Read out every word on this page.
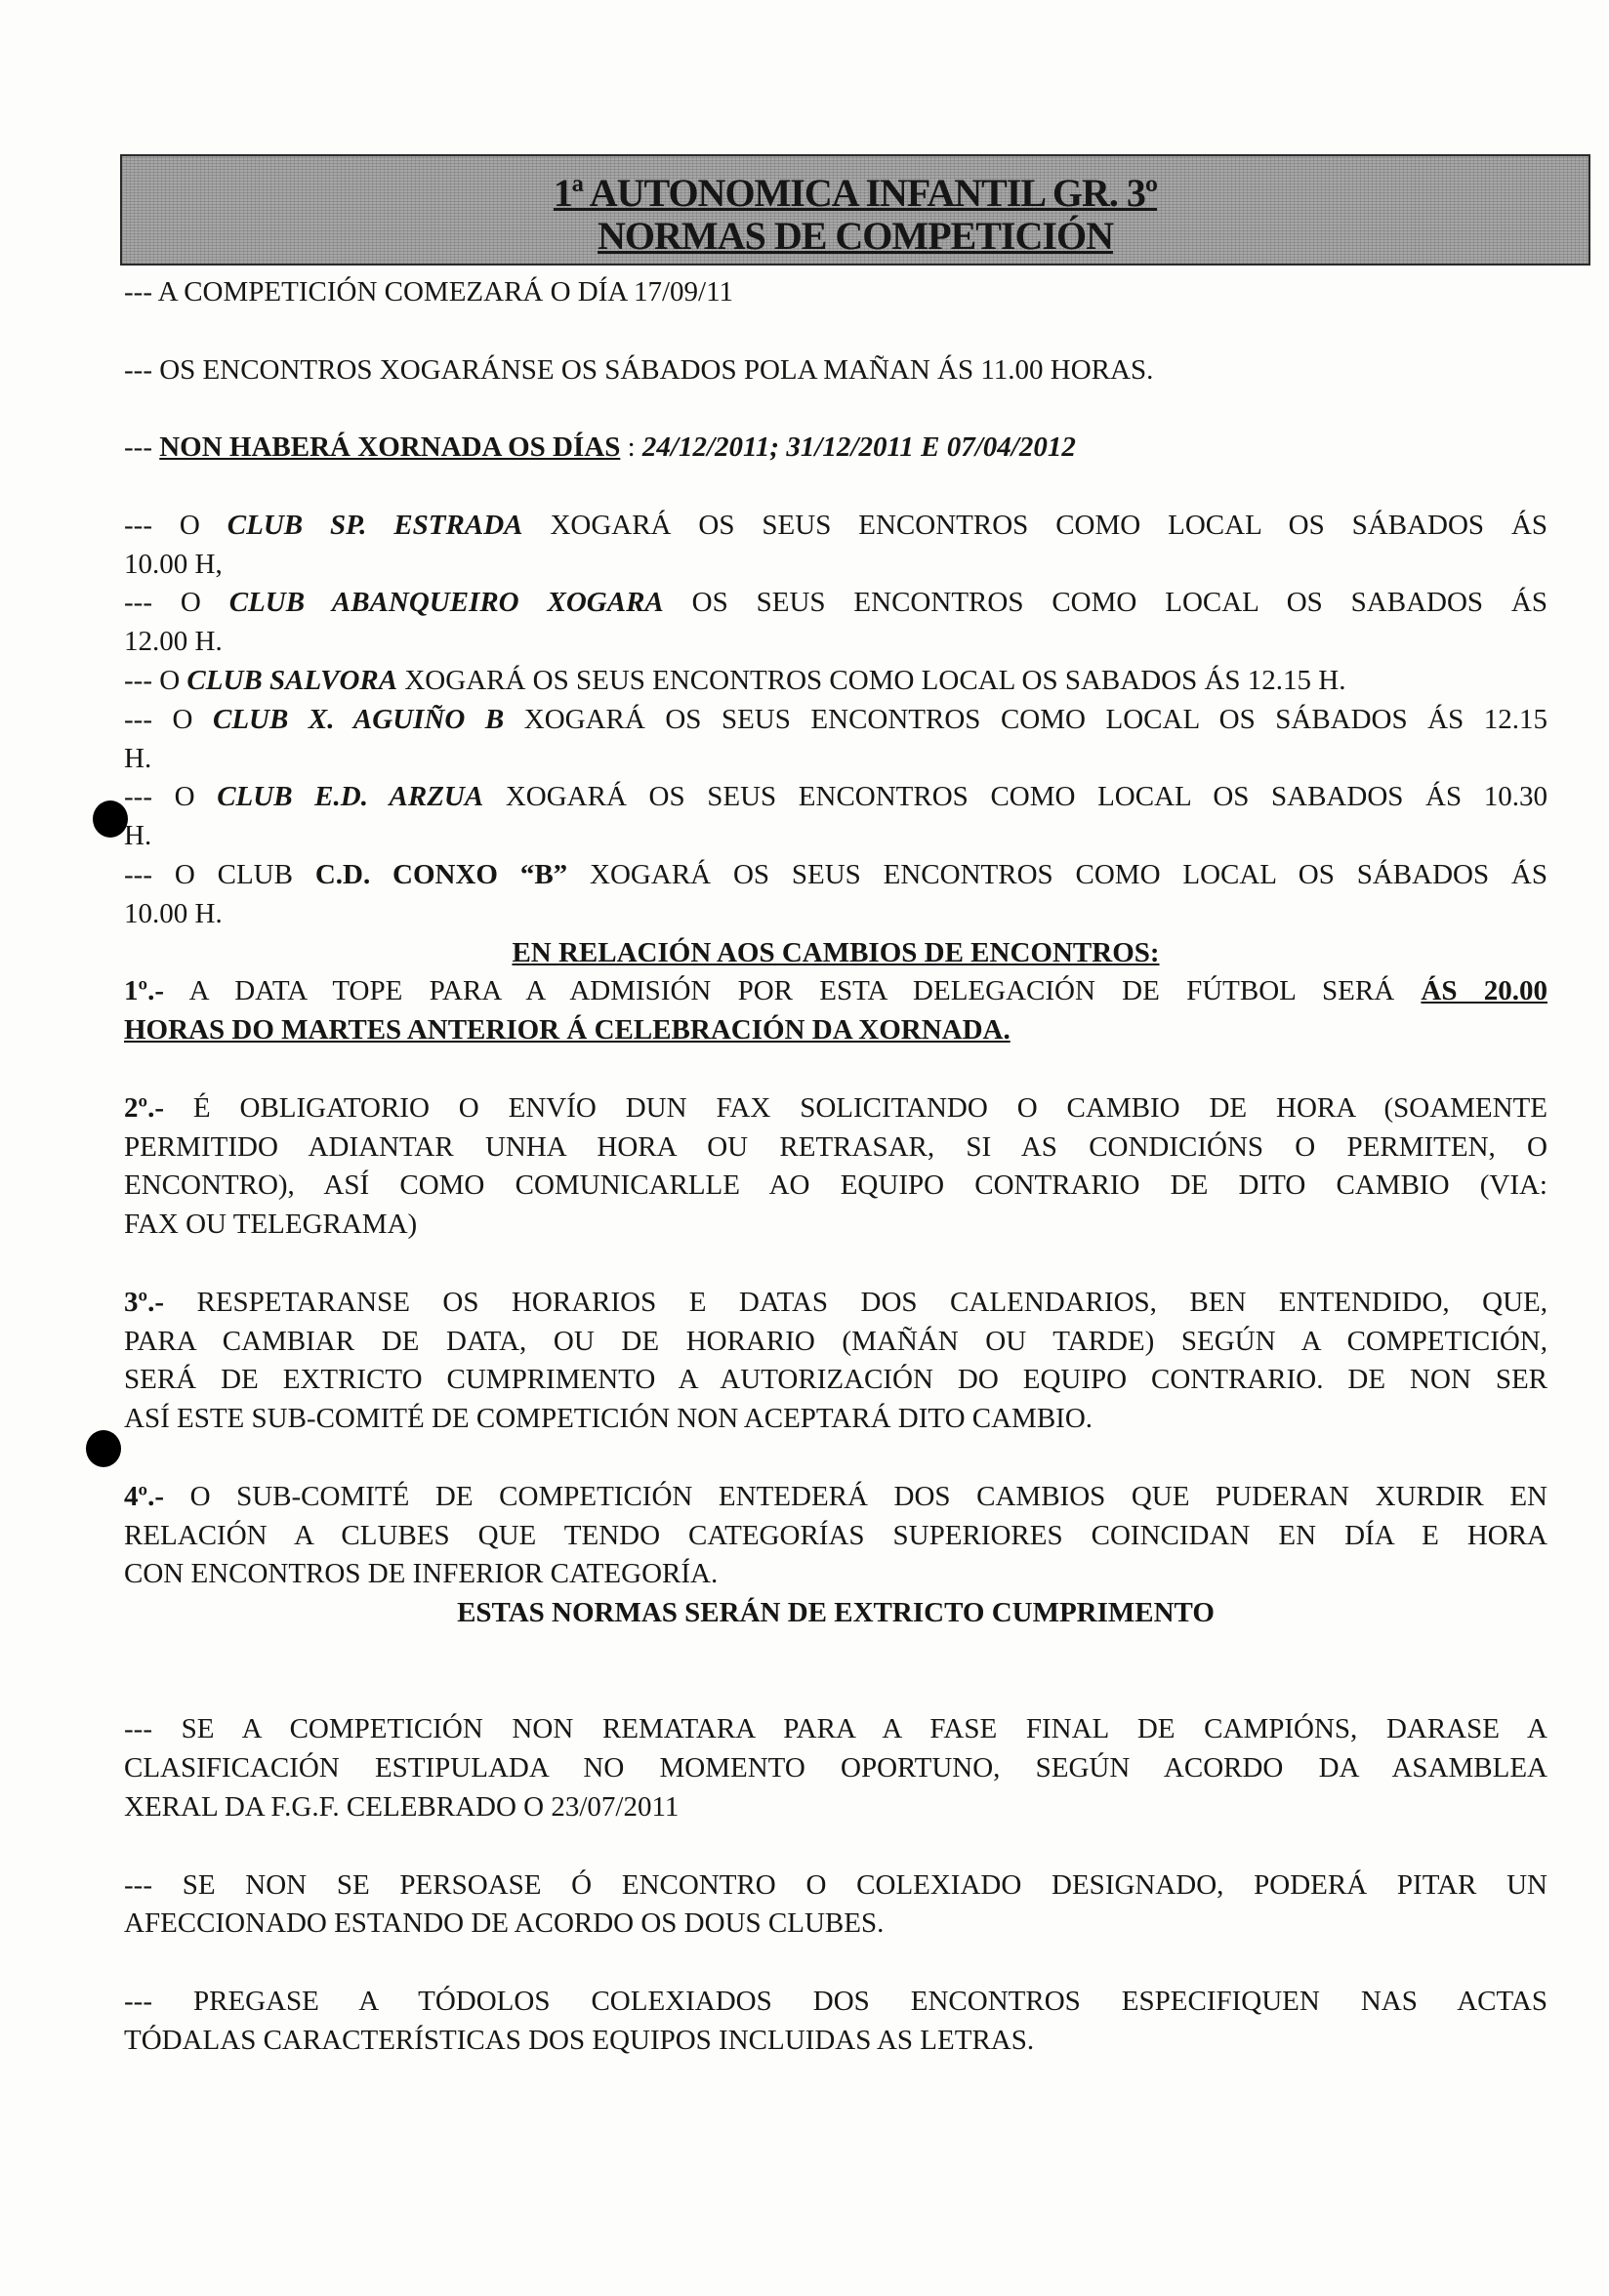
1ª AUTONOMICA INFANTIL GR. 3º
NORMAS DE COMPETICIÓN
--- A COMPETICIÓN COMEZARÁ O DÍA 17/09/11
--- OS ENCONTROS XOGARÁNSE OS SÁBADOS POLA MAÑAN ÁS 11.00 HORAS.
--- NON HABERÁ XORNADA OS DÍAS : 24/12/2011; 31/12/2011 E 07/04/2012
--- O CLUB SP. ESTRADA XOGARÁ OS SEUS ENCONTROS COMO LOCAL OS SÁBADOS ÁS
10.00 H,
--- O CLUB ABANQUEIRO XOGARA OS SEUS ENCONTROS COMO LOCAL OS SABADOS ÁS
12.00 H.
--- O CLUB SALVORA XOGARÁ OS SEUS ENCONTROS COMO LOCAL OS SABADOS ÁS 12.15 H.
--- O CLUB X. AGUIÑO B XOGARÁ OS SEUS ENCONTROS COMO LOCAL OS SÁBADOS ÁS 12.15
H.
--- O CLUB E.D. ARZUA XOGARÁ OS SEUS ENCONTROS COMO LOCAL OS SABADOS ÁS 10.30
H.
--- O CLUB C.D. CONXO “B” XOGARÁ OS SEUS ENCONTROS COMO LOCAL OS SÁBADOS ÁS
10.00 H.
EN RELACIÓN AOS CAMBIOS DE ENCONTROS:
1º.- A DATA TOPE PARA A ADMISIÓN POR ESTA DELEGACIÓN DE FÚTBOL SERÁ ÁS 20.00
HORAS DO MARTES ANTERIOR Á CELEBRACIÓN DA XORNADA.
2º.- É OBLIGATORIO O ENVÍO DUN FAX SOLICITANDO O CAMBIO DE HORA (SOAMENTE
PERMITIDO ADIANTAR UNHA HORA OU RETRASAR, SI AS CONDICIÓNS O PERMITEN, O
ENCONTRO), ASÍ COMO COMUNICARLLE AO EQUIPO CONTRARIO DE DITO CAMBIO (VIA:
FAX OU TELEGRAMA)
3º.- RESPETARANSE OS HORARIOS E DATAS DOS CALENDARIOS, BEN ENTENDIDO, QUE,
PARA CAMBIAR DE DATA, OU DE HORARIO (MAÑÁN OU TARDE) SEGÚN A COMPETICIÓN,
SERÁ DE EXTRICTO CUMPRIMENTO A AUTORIZACIÓN DO EQUIPO CONTRARIO. DE NON SER
ASÍ ESTE SUB-COMITÉ DE COMPETICIÓN NON ACEPTARÁ DITO CAMBIO.
4º.- O SUB-COMITÉ DE COMPETICIÓN ENTEDERÁ DOS CAMBIOS QUE PUDERAN XURDIR EN
RELACIÓN A CLUBES QUE TENDO CATEGORÍAS SUPERIORES COINCIDAN EN DÍA E HORA
CON ENCONTROS DE INFERIOR CATEGORÍA.
ESTAS NORMAS SERÁN DE EXTRICTO CUMPRIMENTO
--- SE A COMPETICIÓN NON REMATARA PARA A FASE FINAL DE CAMPIÓNS, DARASE A
CLASIFICACIÓN ESTIPULADA NO MOMENTO OPORTUNO, SEGÚN ACORDO DA ASAMBLEA
XERAL DA F.G.F. CELEBRADO O 23/07/2011
--- SE NON SE PERSOASE Ó ENCONTRO O COLEXIADO DESIGNADO, PODERÁ PITAR UN
AFECCIONADO ESTANDO DE ACORDO OS DOUS CLUBES.
--- PREGASE A TÓDOLOS COLEXIADOS DOS ENCONTROS ESPECIFIQUEN NAS ACTAS
TÓDALAS CARACTERÍSTICAS DOS EQUIPOS INCLUIDAS AS LETRAS.
